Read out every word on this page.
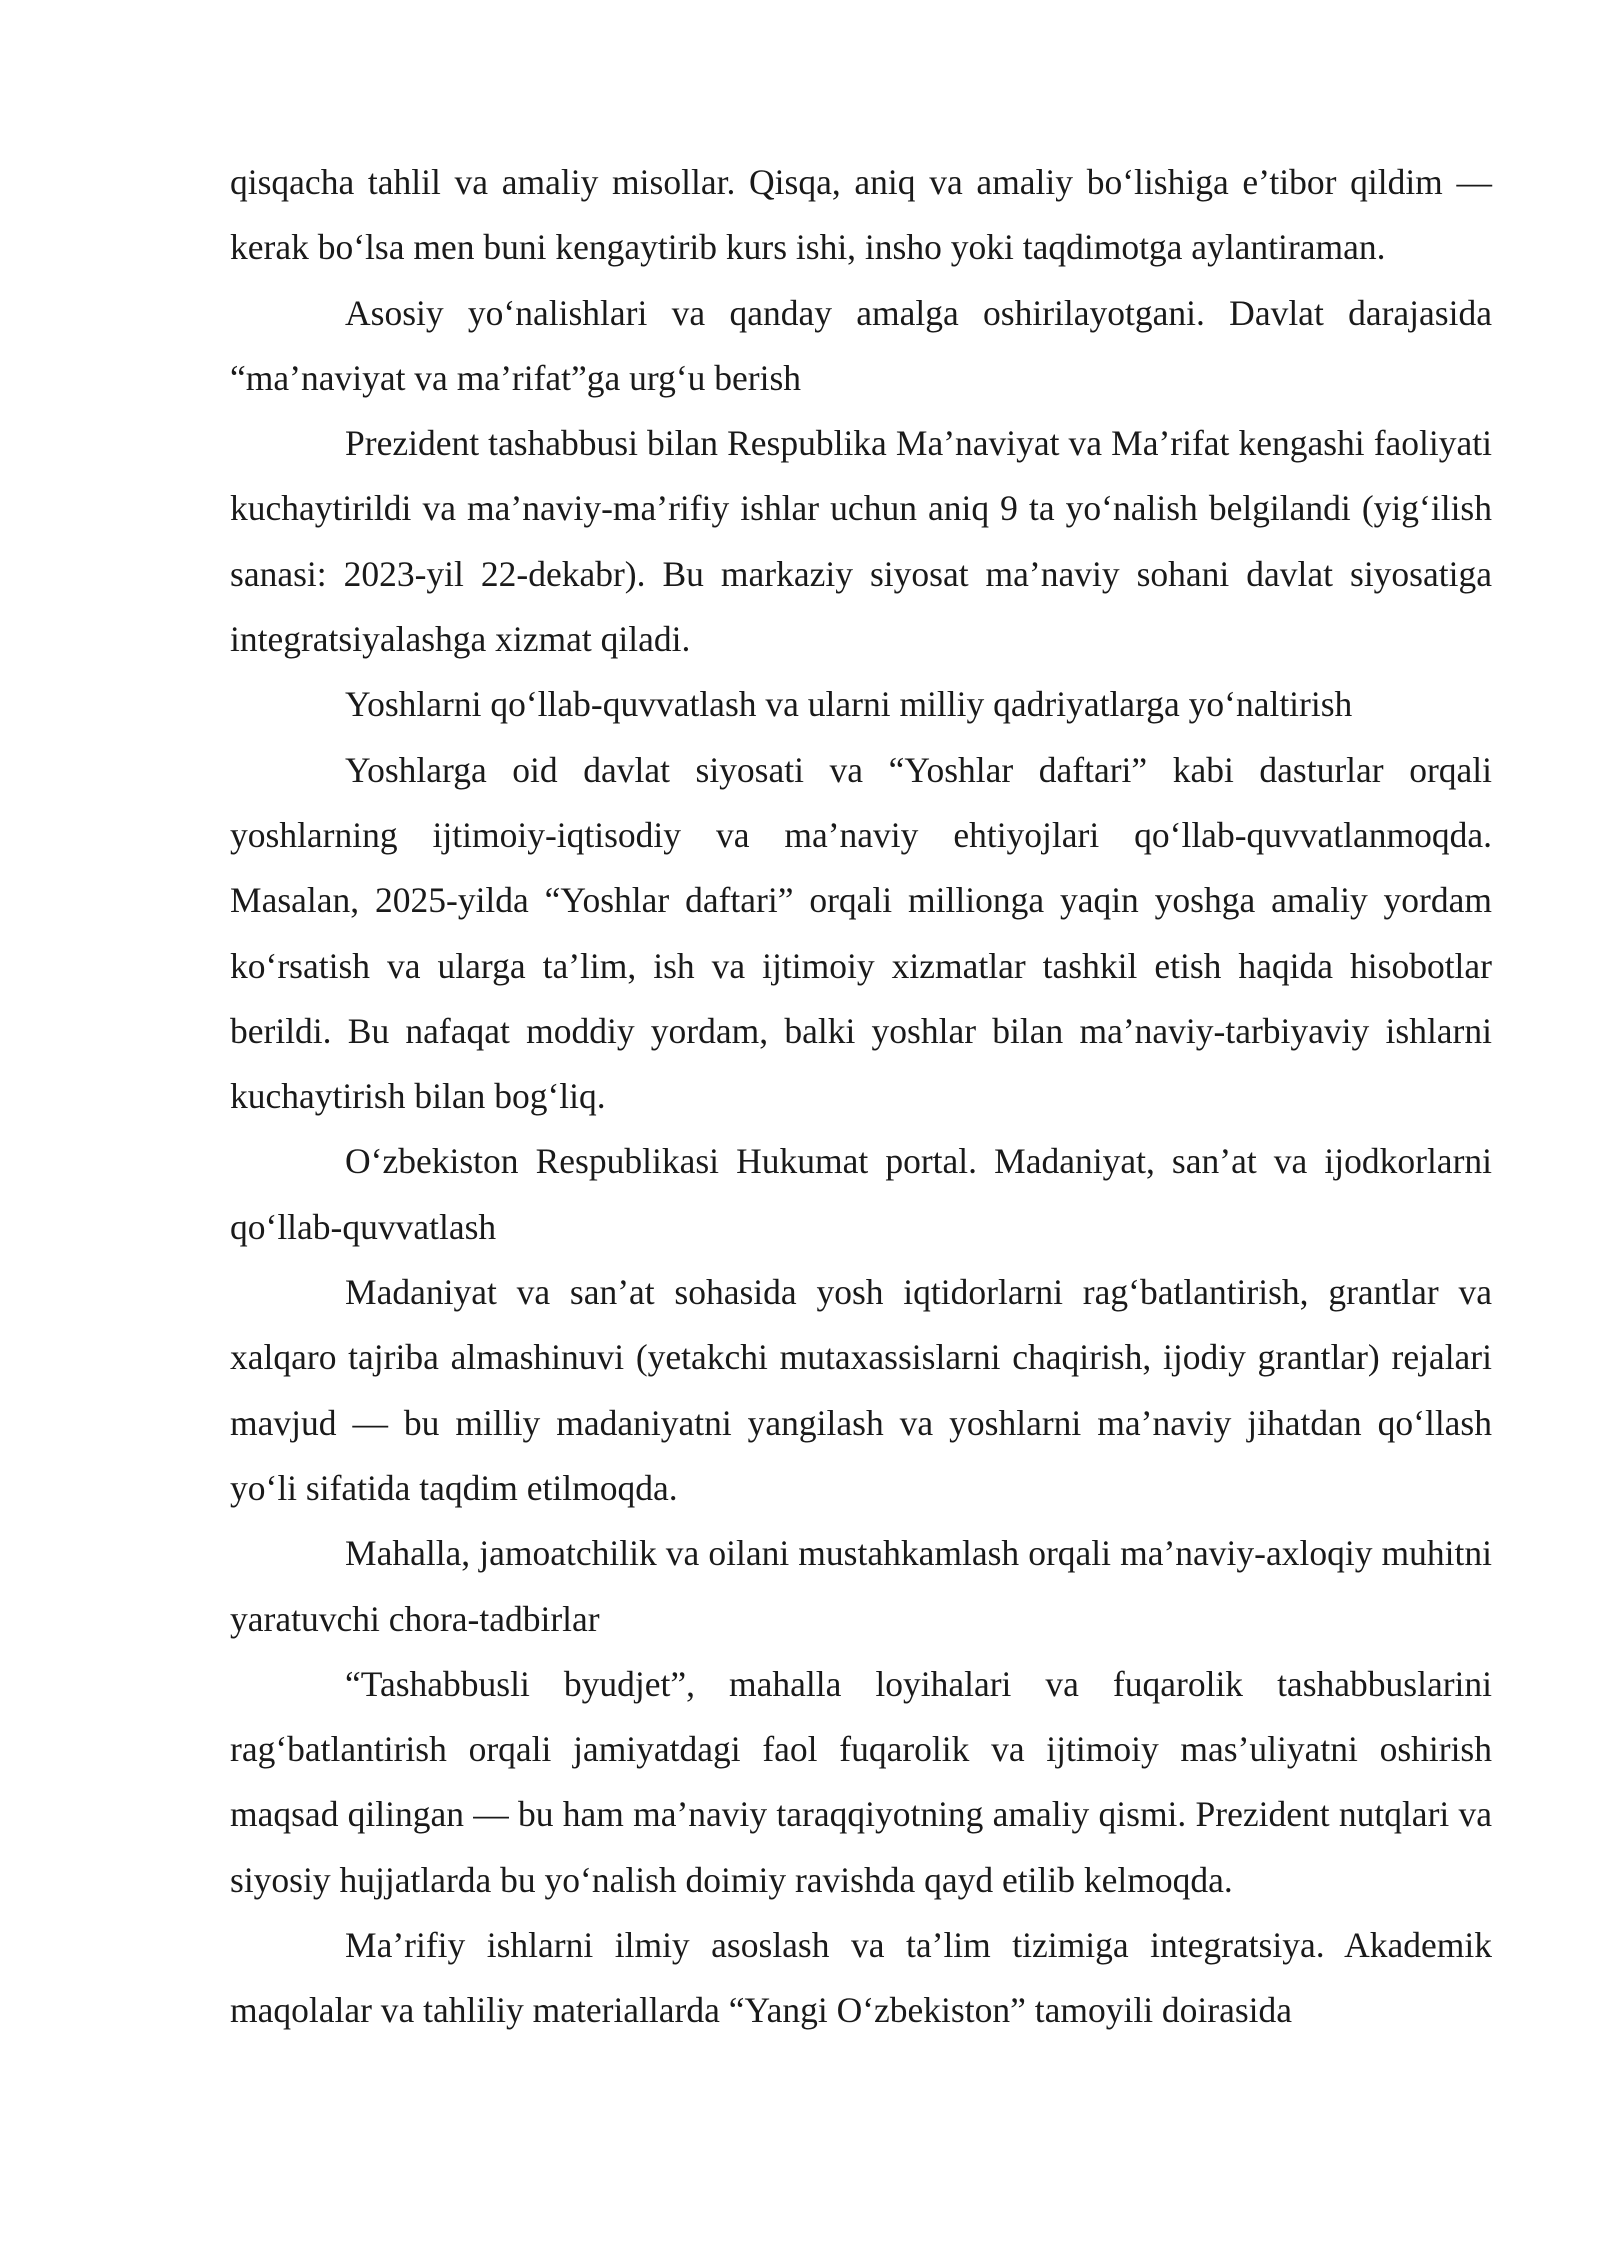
qisqacha tahlil va amaliy misollar. Qisqa, aniq va amaliy bo‘lishiga e’tibor qildim — kerak bo‘lsa men buni kengaytirib kurs ishi, insho yoki taqdimotga aylantiraman.

Asosiy yo‘nalishlari va qanday amalga oshirilayotgani. Davlat darajasida “ma’naviyat va ma’rifat”ga urg‘u berish

Prezident tashabbusi bilan Respublika Ma’naviyat va Ma’rifat kengashi faoliyati kuchaytirildi va ma’naviy-ma’rifiy ishlar uchun aniq 9 ta yo‘nalish belgilandi (yig‘ilish sanasi: 2023-yil 22-dekabr). Bu markaziy siyosat ma’naviy sohani davlat siyosatiga integratsiyalashga xizmat qiladi.

Yoshlarni qo‘llab-quvvatlash va ularni milliy qadriyatlarga yo‘naltirish

Yoshlarga oid davlat siyosati va “Yoshlar daftari” kabi dasturlar orqali yoshlarning ijtimoiy-iqtisodiy va ma’naviy ehtiyojlari qo‘llab-quvvatlanmoqda. Masalan, 2025-yilda “Yoshlar daftari” orqali millionga yaqin yoshga amaliy yordam ko‘rsatish va ularga ta’lim, ish va ijtimoiy xizmatlar tashkil etish haqida hisobotlar berildi. Bu nafaqat moddiy yordam, balki yoshlar bilan ma’naviy-tarbiyaviy ishlarni kuchaytirish bilan bog‘liq.

O‘zbekiston Respublikasi Hukumat portal. Madaniyat, san’at va ijodkorlarni qo‘llab-quvvatlash

Madaniyat va san’at sohasida yosh iqtidorlarni rag‘batlantirish, grantlar va xalqaro tajriba almashinuvi (yetakchi mutaxassislarni chaqirish, ijodiy grantlar) rejalari mavjud — bu milliy madaniyatni yangilash va yoshlarni ma’naviy jihatdan qo‘llash yo‘li sifatida taqdim etilmoqda.

Mahalla, jamoatchilik va oilani mustahkamlash orqali ma’naviy-axloqiy muhitni yaratuvchi chora-tadbirlar

“Tashabbusli byudjet”, mahalla loyihalari va fuqarolik tashabbuslarini rag‘batlantirish orqali jamiyatdagi faol fuqarolik va ijtimoiy mas’uliyatni oshirish maqsad qilingan — bu ham ma’naviy taraqqiyotning amaliy qismi. Prezident nutqlari va siyosiy hujjatlarda bu yo‘nalish doimiy ravishda qayd etilib kelmoqda.

Ma’rifiy ishlarni ilmiy asoslash va ta’lim tizimiga integratsiya. Akademik maqolalar va tahliliy materiallarda “Yangi O‘zbekiston” tamoyili doirasida
